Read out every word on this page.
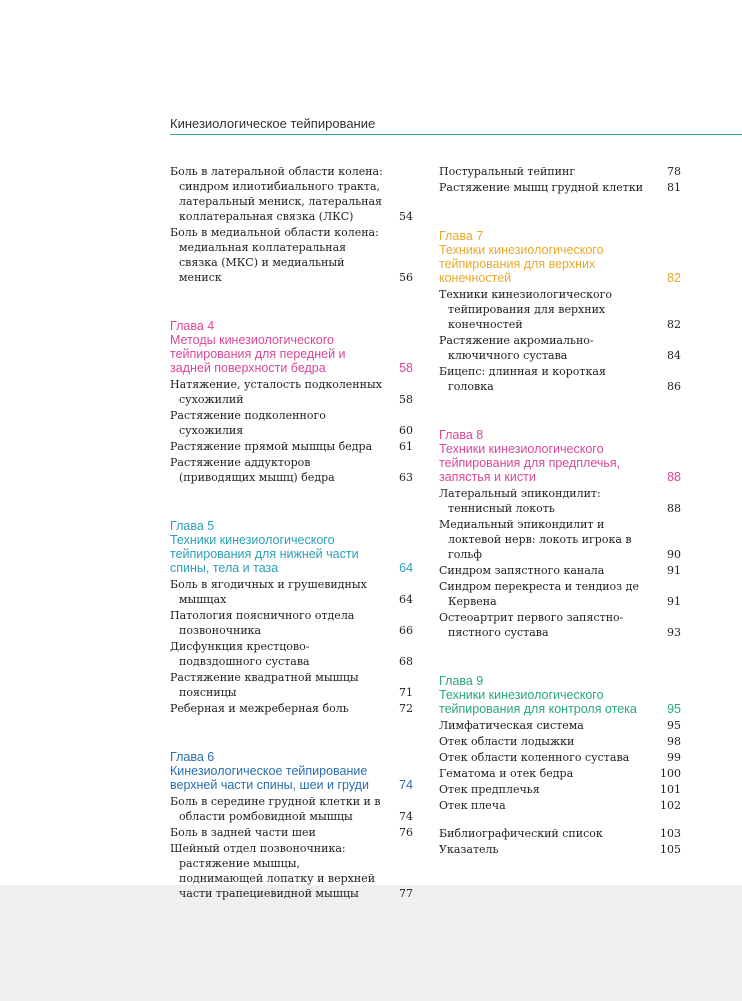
Кинезиологическое тейпирование
Боль в латеральной области колена: синдром илиотибиального тракта, латеральный мениск, латеральная коллатеральная связка (ЛКС)	54
Боль в медиальной области колена: медиальная коллатеральная связка (МКС) и медиальный мениск	56
Глава 4
Методы кинезиологического тейпирования для передней и задней поверхности бедра	58
Натяжение, усталость подколенных сухожилий	58
Растяжение подколенного сухожилия	60
Растяжение прямой мышцы бедра	61
Растяжение аддукторов (приводящих мышц) бедра	63
Глава 5
Техники кинезиологического тейпирования для нижней части спины, тела и таза	64
Боль в ягодичных и грушевидных мышцах	64
Патология поясничного отдела позвоночника	66
Дисфункция крестцово-подвздошного сустава	68
Растяжение квадратной мышцы поясницы	71
Реберная и межреберная боль	72
Глава 6
Кинезиологическое тейпирование верхней части спины, шеи и груди	74
Боль в середине грудной клетки и в области ромбовидной мышцы	74
Боль в задней части шеи	76
Шейный отдел позвоночника: растяжение мышцы, поднимающей лопатку и верхней части трапециевидной мышцы	77
Постуральный тейпинг	78
Растяжение мышц грудной клетки	81
Глава 7
Техники кинезиологического тейпирования для верхних конечностей	82
Техники кинезиологического тейпирования для верхних конечностей	82
Растяжение акромиально-ключичного сустава	84
Бицепс: длинная и короткая головка	86
Глава 8
Техники кинезиологического тейпирования для предплечья, запястья и кисти	88
Латеральный эпикондилит: теннисный локоть	88
Медиальный эпикондилит и локтевой нерв: локоть игрока в гольф	90
Синдром запястного канала	91
Синдром перекреста и тендиоз де Кервена	91
Остеоартрит первого запястно-пястного сустава	93
Глава 9
Техники кинезиологического тейпирования для контроля отека	95
Лимфатическая система	95
Отек области лодыжки	98
Отек области коленного сустава	99
Гематома и отек бедра	100
Отек предплечья	101
Отек плеча	102
Библиографический список	103
Указатель	105
